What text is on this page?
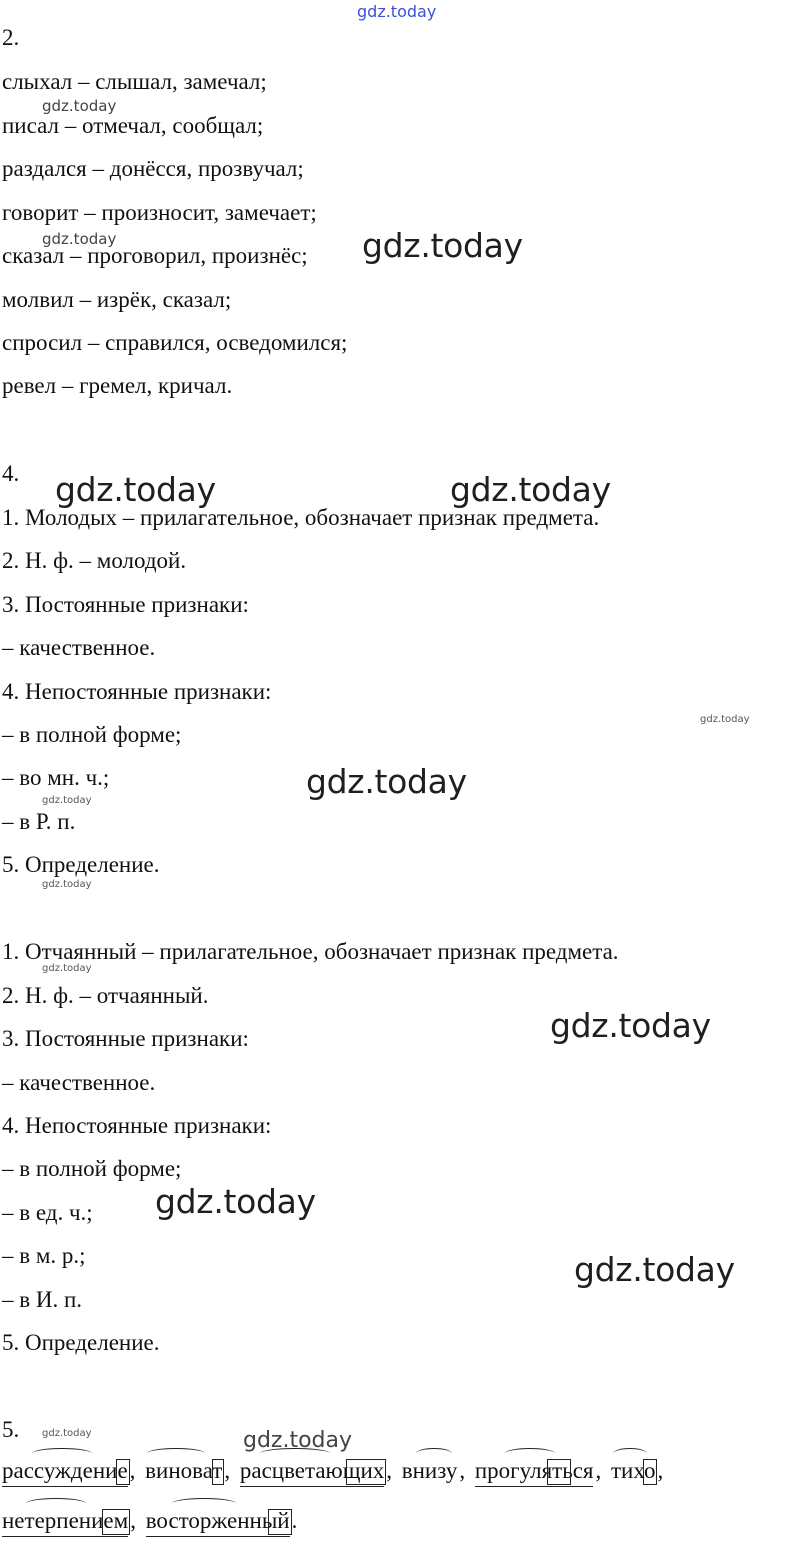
gdz.today
gdz.today
gdz.today	gdz.today
gdz.today	gdz.today
gdz.today
gdz.today
gdz.today
gdz.today
gdz.today
gdz.today
gdz.today
gdz.today
gdz.today	gdz.today
2.
слыхал – слышал, замечал;
писал – отмечал, сообщал;
раздался – донёсся, прозвучал;
говорит – произносит, замечает;
сказал – проговорил, произнёс;
молвил – изрёк, сказал;
спросил – справился, осведомился;
ревел – гремел, кричал.
4.
1. Молодых – прилагательное, обозначает признак предмета.
2. Н. ф. – молодой.
3. Постоянные признаки:
– качественное.
4. Непостоянные признаки:
– в полной форме;
– во мн. ч.;
– в Р. п.
5. Определение.
1. Отчаянный – прилагательное, обозначает признак предмета.
2. Н. ф. – отчаянный.
3. Постоянные признаки:
– качественное.
4. Непостоянные признаки:
– в полной форме;
– в ед. ч.;
– в м. р.;
– в И. п.
5. Определение.
5.
рассуждение
, виноват
, расцветающих
, внизу
, прогуляться
, тихо
,
нетерпением
, восторженный
.
